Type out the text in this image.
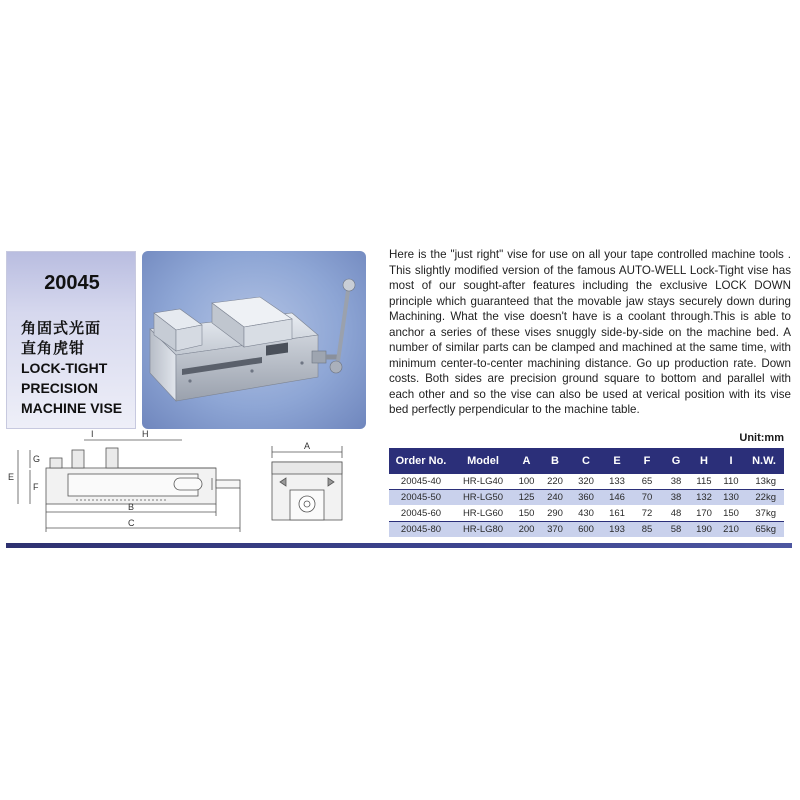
20045
角固式光面
直角虎钳
LOCK-TIGHT
PRECISION
MACHINE VISE

Here is the "just right" vise for use on all your tape controlled machine tools . This slightly modified version of the famous AUTO-WELL Lock-Tight vise has most of our sought-after features including the exclusive LOCK DOWN principle which guaranteed that the movable jaw stays securely down during Machining. What the vise doesn't have is a coolant through.This is able to anchor a series of these vises snuggly side-by-side on the machine bed. A number of similar parts can be clamped and machined at the same time, with minimum center-to-center machining distance. Go up production rate. Down costs. Both sides are precision ground square to bottom and parallel with each other and so the vise can also be used at verical position with its vise bed perfectly perpendicular to the machine table.

I	H
G
E
F
B
C
A
Unit:mm
Order No.	Model	A	B	C	E	F	G	H	I	N.W.
20045-40	HR-LG40	100	220	320	133	65	38	115	110	13kg
20045-50	HR-LG50	125	240	360	146	70	38	132	130	22kg
20045-60	HR-LG60	150	290	430	161	72	48	170	150	37kg
20045-80	HR-LG80	200	370	600	193	85	58	190	210	65kg
